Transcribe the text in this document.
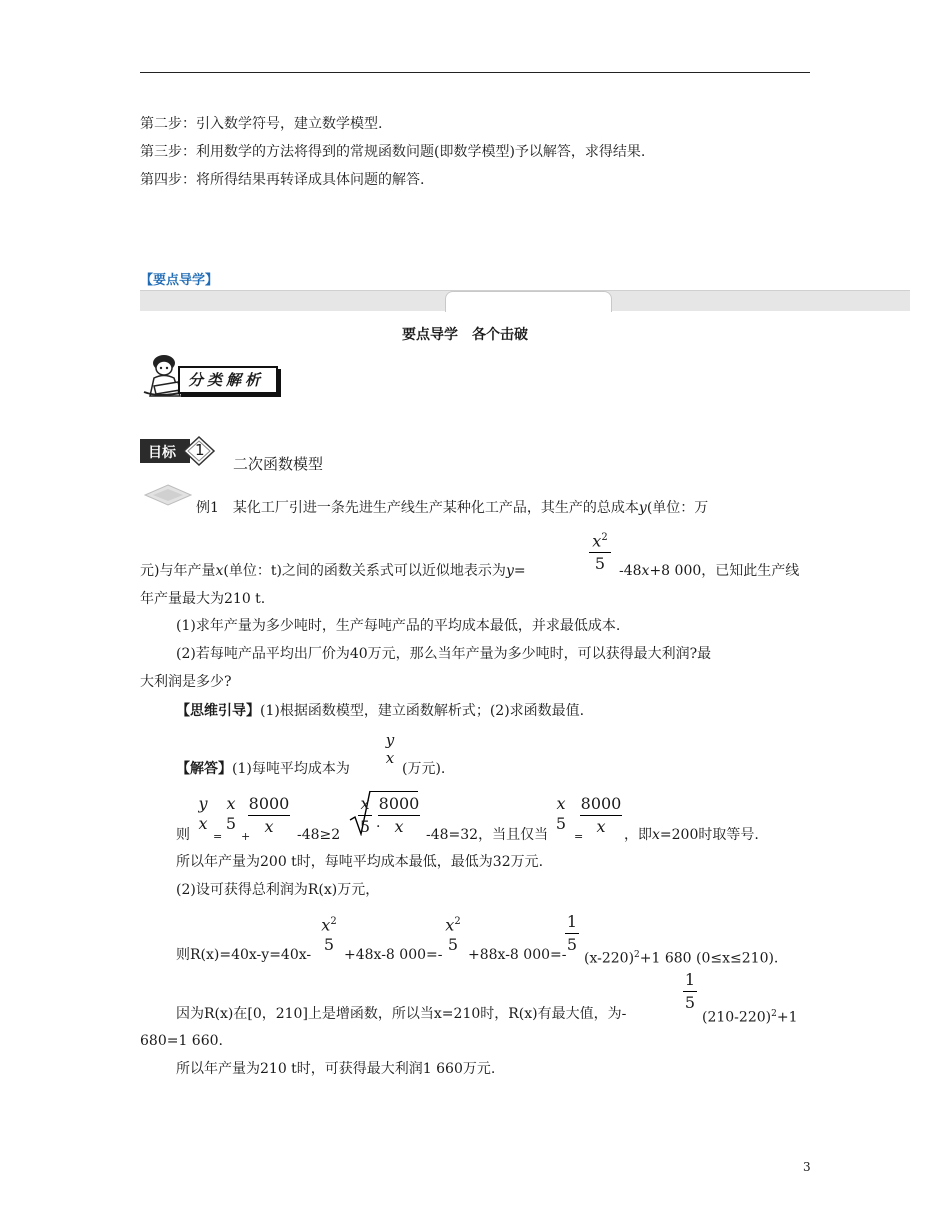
第二步：引入数学符号，建立数学模型.
第三步：利用数学的方法将得到的常规函数问题(即数学模型)予以解答，求得结果.
第四步：将所得结果再转译成具体问题的解答.
【要点导学】
要点导学　各个击破
分类解析
目标 1
二次函数模型
例1　某化工厂引进一条先进生产线生产某种化工产品，其生产的总成本y(单位：万
$x^2$
5
元)与年产量x(单位：t)之间的函数关系式可以近似地表示为y=	-48x+8 000，已知此生产线
年产量最大为210 t.
(1)求年产量为多少吨时，生产每吨产品的平均成本最低，并求最低成本.
(2)若每吨产品平均出厂价为40万元，那么当年产量为多少吨时，可以获得最大利润?最
大利润是多少?
【思维引导】(1)根据函数模型，建立函数解析式；(2)求函数最值.
y
x
【解答】(1)每吨平均成本为	(万元).
y
x
x
5
8000
x
x
5
8000
x
x
5
8000
x
则 = +	-48≥2	·	-48=32，当且仅当 =	，即x=200时取等号.
所以年产量为200 t时，每吨平均成本最低，最低为32万元.
(2)设可获得总利润为R(x)万元，
$x^2$
5
$x^2$
5
1
5
则R(x)=40x-y=40x- +48x-8 000=- +88x-8 000=- $(x-220)^2+1$ 680 (0≤x≤210).
1
5
因为R(x)在[0，210]上是增函数，所以当x=210时，R(x)有最大值，为-	$(210-220)^2+1$
680=1 660.
所以年产量为210 t时，可获得最大利润1 660万元.
3
